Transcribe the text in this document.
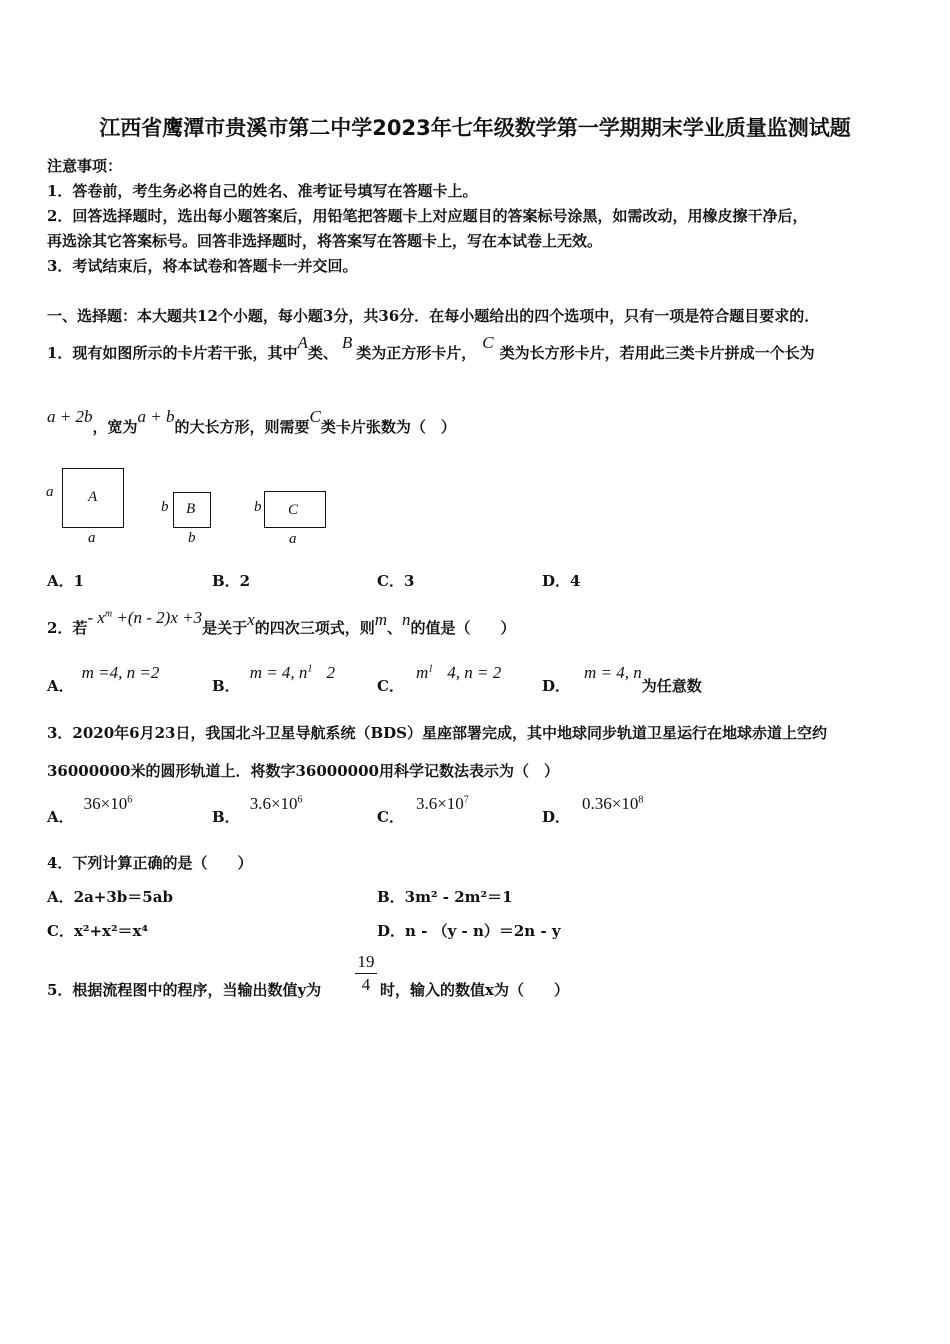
江西省鹰潭市贵溪市第二中学2023年七年级数学第一学期期末学业质量监测试题
注意事项：
1．答卷前，考生务必将自己的姓名、准考证号填写在答题卡上。
2．回答选择题时，选出每小题答案后，用铅笔把答题卡上对应题目的答案标号涂黑，如需改动，用橡皮擦干净后，
再选涂其它答案标号。回答非选择题时，将答案写在答题卡上，写在本试卷上无效。
3．考试结束后，将本试卷和答题卡一并交回。
一、选择题：本大题共12个小题，每小题3分，共36分．在每小题给出的四个选项中，只有一项是符合题目要求的．
1．现有如图所示的卡片若干张，其中A类、B类为正方形卡片，C类为长方形卡片，若用此三类卡片拼成一个长为
a + 2b，宽为a + b的大长方形，则需要C类卡片张数为（　）
a A
a
b B
b
b C
a
A．1	B．2	C．3	D．4
2．若- $x^m +(n - 2)x +3$是关于x的四次三项式，则m、n的值是（　　）
A．m =4, n =2
B．m = 4, $n^1$ 2
C．$m^1$ 4, n = 2
D．m = 4, n为任意数
3．2020年6月23日，我国北斗卫星导航系统（BDS）星座部署完成，其中地球同步轨道卫星运行在地球赤道上空约
36000000米的圆形轨道上．将数字36000000用科学记数法表示为（　）
A．$36\times 10^6$
B．$3.6\times 10^6$
C．$3.6\times 10^7$
D．$0.36\times 10^8$
4．下列计算正确的是（　　）
A．2a+3b＝5ab	B．3m² - 2m²＝1
C．x²+x²＝x⁴	D．n - （y - n）＝2n - y
5．根据流程图中的程序，当输出数值y为
19
4 时，输入的数值x为（　　）
